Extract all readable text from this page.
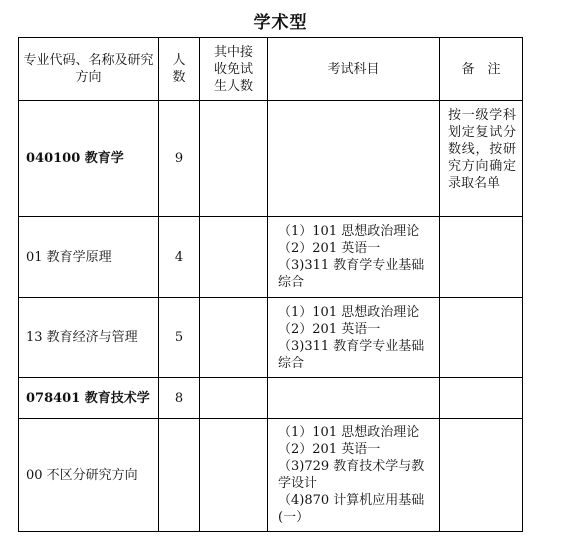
学术型
专业代码、名称及研究方向	人数	其中接收免试生人数	考试科目	备　注
040100 教育学	9			按一级学科划定复试分数线，按研究方向确定录取名单
01 教育学原理	4		（1）101 思想政治理论
（2）201 英语一
（3)311 教育学专业基础综合	

13 教育经济与管理	5		（1）101 思想政治理论
（2）201 英语一
（3)311 教育学专业基础综合	

078401 教育技术学	8			
00 不区分研究方向			（1）101 思想政治理论
（2）201 英语一
（3)729 教育技术学与教学设计
（4)870 计算机应用基础(一）	
